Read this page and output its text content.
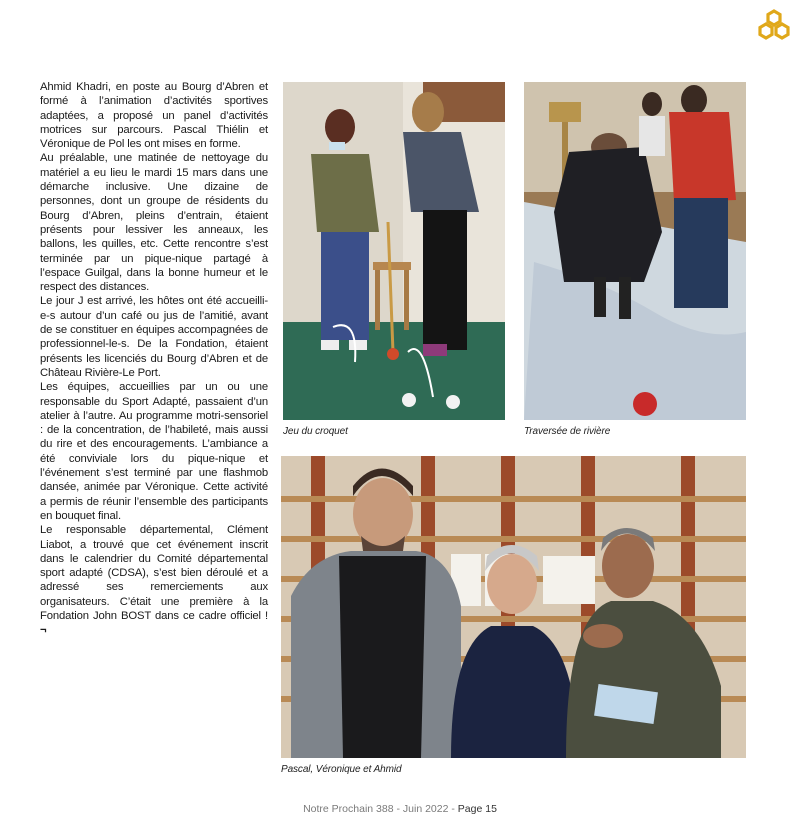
Ahmid Khadri, en poste au Bourg d’Abren et formé à l’animation d’activités sportives adaptées, a proposé un panel d’activités motrices sur parcours. Pascal Thiélin et Véronique de Pol les ont mises en forme.

Au préalable, une matinée de nettoyage du matériel a eu lieu le mardi 15 mars dans une démarche inclusive. Une dizaine de personnes, dont un groupe de résidents du Bourg d’Abren, pleins d’entrain, étaient présents pour lessiver les anneaux, les ballons, les quilles, etc. Cette rencontre s’est terminée par un pique-nique partagé à l’espace Guilgal, dans la bonne humeur et le respect des distances.

Le jour J est arrivé, les hôtes ont été accueilli-e-s autour d’un café ou jus de l’amitié, avant de se constituer en équipes accompagnées de professionnel-le-s. De la Fondation, étaient présents les licenciés du Bourg d’Abren et de Château Rivière-Le Port.

Les équipes, accueillies par un ou une responsable du Sport Adapté, passaient d’un atelier à l’autre. Au programme motri-sensoriel : de la concentration, de l’habileté, mais aussi du rire et des encouragements. L’ambiance a été conviviale lors du pique-nique et l’événement s’est terminé par une flashmob dansée, animée par Véronique. Cette activité a permis de réunir l’ensemble des participants en bouquet final.

Le responsable départemental, Clément Liabot, a trouvé que cet événement inscrit dans le calendrier du Comité départemental sport adapté (CDSA), s’est bien déroulé et a adressé ses remerciements aux organisateurs. C’était une première à la Fondation John BOST dans ce cadre officiel ! ¬

Jeu du croquet	Traversée de rivière
Pascal, Véronique et Ahmid
Notre Prochain 388 - Juin 2022 - Page 15
